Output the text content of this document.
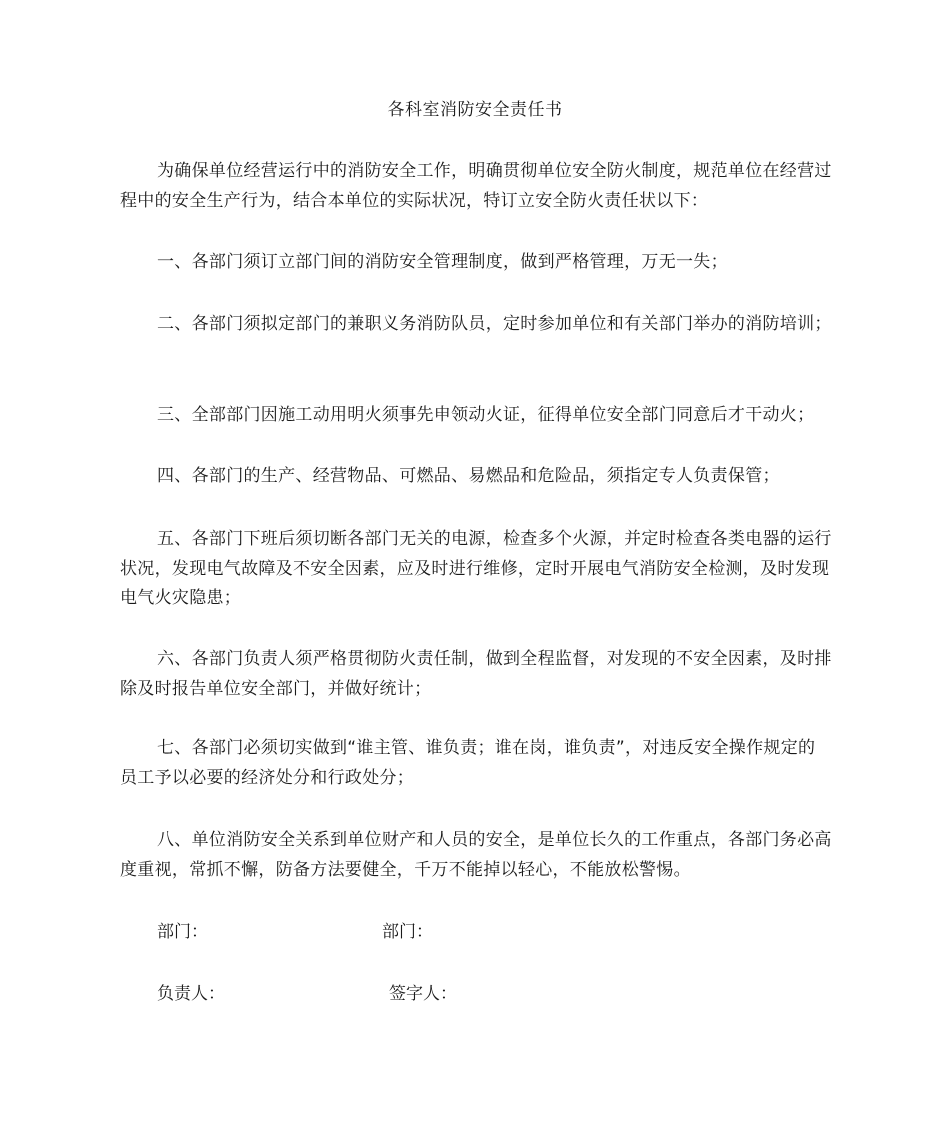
各科室消防安全责任书

为确保单位经营运行中的消防安全工作，明确贯彻单位安全防火制度，规范单位在经营过程中的安全生产行为，结合本单位的实际状况，特订立安全防火责任状以下：

一、各部门须订立部门间的消防安全管理制度，做到严格管理，万无一失；

二、各部门须拟定部门的兼职义务消防队员，定时参加单位和有关部门举办的消防培训；

三、全部部门因施工动用明火须事先申领动火证，征得单位安全部门同意后才干动火；

四、各部门的生产、经营物品、可燃品、易燃品和危险品，须指定专人负责保管；

五、各部门下班后须切断各部门无关的电源，检查多个火源，并定时检查各类电器的运行状况，发现电气故障及不安全因素，应及时进行维修，定时开展电气消防安全检测，及时发现电气火灾隐患；

六、各部门负责人须严格贯彻防火责任制，做到全程监督，对发现的不安全因素，及时排除及时报告单位安全部门，并做好统计；

七、各部门必须切实做到“谁主管、谁负责；谁在岗，谁负责”，对违反安全操作规定的员工予以必要的经济处分和行政处分；

八、单位消防安全关系到单位财产和人员的安全，是单位长久的工作重点，各部门务必高度重视，常抓不懈，防备方法要健全，千万不能掉以轻心，不能放松警惕。

部门：	部门：
负责人：	签字人：
